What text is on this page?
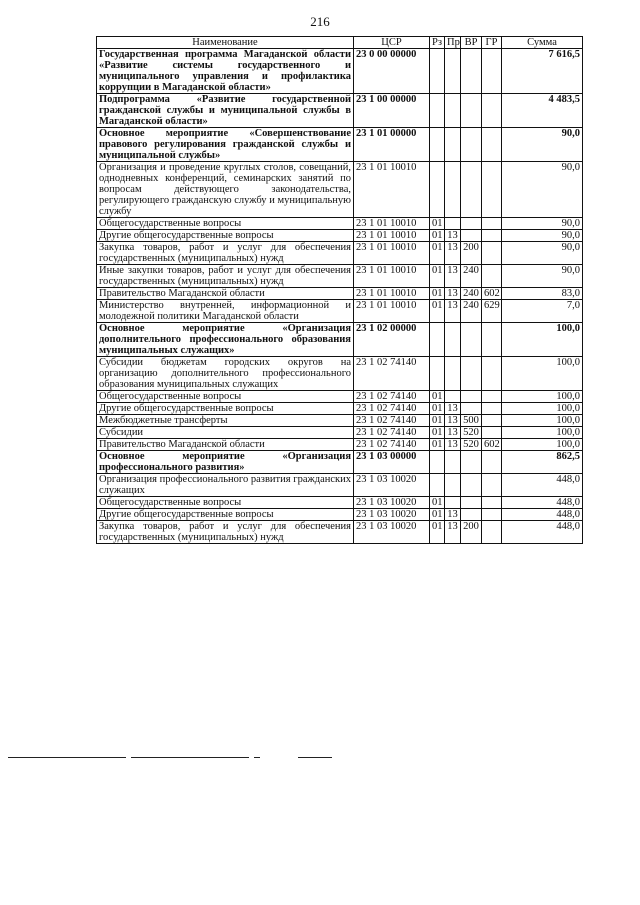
216
Наименование	ЦСР	Рз	Пр	ВР	ГР	Сумма
Государственная программа Магаданской области «Развитие системы государственного и муниципального управления и профилактика коррупции в Магаданской области»	23 0 00 00000					7 616,5
Подпрограмма «Развитие государственной гражданской службы и муниципальной службы в Магаданской области»	23 1 00 00000					4 483,5
Основное мероприятие «Совершенствование правового регулирования гражданской службы и муниципальной службы»	23 1 01 00000					90,0
Организация и проведение круглых столов, совещаний, однодневных конференций, семинарских занятий по вопросам действующего законодательства, регулирующего гражданскую службу и муниципальную службу	23 1 01 10010					90,0
Общегосударственные вопросы	23 1 01 10010	01				90,0
Другие общегосударственные вопросы	23 1 01 10010	01	13			90,0
Закупка товаров, работ и услуг для обеспечения государственных (муниципальных) нужд	23 1 01 10010	01	13	200		90,0
Иные закупки товаров, работ и услуг для обеспечения государственных (муниципальных) нужд	23 1 01 10010	01	13	240		90,0
Правительство Магаданской области	23 1 01 10010	01	13	240	602	83,0
Министерство внутренней, информационной и молодежной политики Магаданской области	23 1 01 10010	01	13	240	629	7,0
Основное мероприятие «Организация дополнительного профессионального образования муниципальных служащих»	23 1 02 00000					100,0
Субсидии бюджетам городских округов на организацию дополнительного профессионального образования муниципальных служащих	23 1 02 74140					100,0
Общегосударственные вопросы	23 1 02 74140	01				100,0
Другие общегосударственные вопросы	23 1 02 74140	01	13			100,0
Межбюджетные трансферты	23 1 02 74140	01	13	500		100,0
Субсидии	23 1 02 74140	01	13	520		100,0
Правительство Магаданской области	23 1 02 74140	01	13	520	602	100,0
Основное мероприятие «Организация профессионального развития»	23 1 03 00000					862,5
Организация профессионального развития гражданских служащих	23 1 03 10020					448,0
Общегосударственные вопросы	23 1 03 10020	01				448,0
Другие общегосударственные вопросы	23 1 03 10020	01	13			448,0
Закупка товаров, работ и услуг для обеспечения государственных (муниципальных) нужд	23 1 03 10020	01	13	200		448,0
